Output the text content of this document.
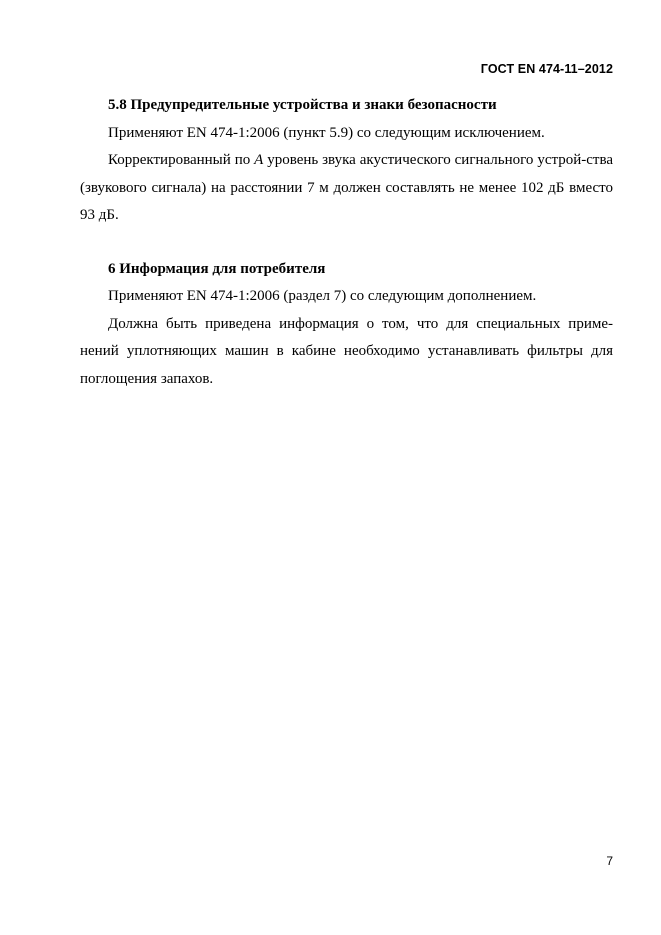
ГОСТ EN 474-11–2012

5.8 Предупредительные устройства и знаки безопасности

Применяют EN 474-1:2006 (пункт 5.9) со следующим исключением.

Корректированный по А уровень звука акустического сигнального устрой-ства (звукового сигнала) на расстоянии 7 м должен составлять не менее 102 дБ вместо 93 дБ.

6 Информация для потребителя

Применяют EN 474-1:2006 (раздел 7) со следующим дополнением.

Должна быть приведена информация о том, что для специальных приме-нений уплотняющих машин в кабине необходимо устанавливать фильтры для поглощения запахов.

7
